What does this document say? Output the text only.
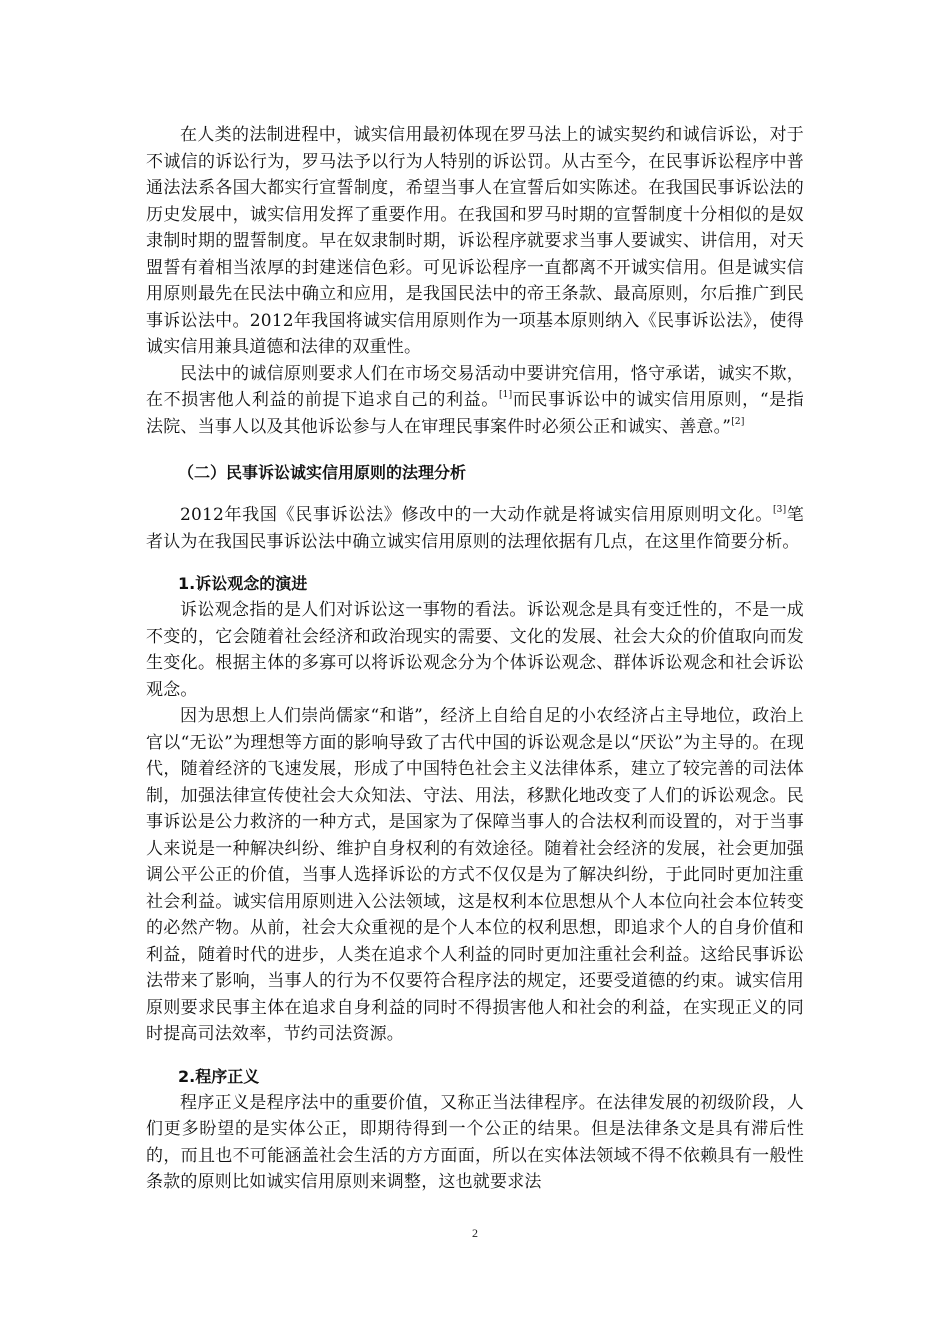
在人类的法制进程中，诚实信用最初体现在罗马法上的诚实契约和诚信诉讼，对于不诚信的诉讼行为，罗马法予以行为人特别的诉讼罚。从古至今，在民事诉讼程序中普通法法系各国大都实行宣誓制度，希望当事人在宣誓后如实陈述。在我国民事诉讼法的历史发展中，诚实信用发挥了重要作用。在我国和罗马时期的宣誓制度十分相似的是奴隶制时期的盟誓制度。早在奴隶制时期，诉讼程序就要求当事人要诚实、讲信用，对天盟誓有着相当浓厚的封建迷信色彩。可见诉讼程序一直都离不开诚实信用。但是诚实信用原则最先在民法中确立和应用，是我国民法中的帝王条款、最高原则，尔后推广到民事诉讼法中。2012年我国将诚实信用原则作为一项基本原则纳入《民事诉讼法》，使得诚实信用兼具道德和法律的双重性。

民法中的诚信原则要求人们在市场交易活动中要讲究信用，恪守承诺，诚实不欺，在不损害他人利益的前提下追求自己的利益。[1]而民事诉讼中的诚实信用原则，“是指法院、当事人以及其他诉讼参与人在审理民事案件时必须公正和诚实、善意。”[2]

（二）民事诉讼诚实信用原则的法理分析

2012年我国《民事诉讼法》修改中的一大动作就是将诚实信用原则明文化。[3]笔者认为在我国民事诉讼法中确立诚实信用原则的法理依据有几点，在这里作简要分析。

1.诉讼观念的演进

诉讼观念指的是人们对诉讼这一事物的看法。诉讼观念是具有变迁性的，不是一成不变的，它会随着社会经济和政治现实的需要、文化的发展、社会大众的价值取向而发生变化。根据主体的多寡可以将诉讼观念分为个体诉讼观念、群体诉讼观念和社会诉讼观念。

因为思想上人们崇尚儒家“和谐”，经济上自给自足的小农经济占主导地位，政治上官以“无讼”为理想等方面的影响导致了古代中国的诉讼观念是以“厌讼”为主导的。在现代，随着经济的飞速发展，形成了中国特色社会主义法律体系，建立了较完善的司法体制，加强法律宣传使社会大众知法、守法、用法，移默化地改变了人们的诉讼观念。民事诉讼是公力救济的一种方式，是国家为了保障当事人的合法权利而设置的，对于当事人来说是一种解决纠纷、维护自身权利的有效途径。随着社会经济的发展，社会更加强调公平公正的价值，当事人选择诉讼的方式不仅仅是为了解决纠纷，于此同时更加注重社会利益。诚实信用原则进入公法领域，这是权利本位思想从个人本位向社会本位转变的必然产物。从前，社会大众重视的是个人本位的权利思想，即追求个人的自身价值和利益，随着时代的进步，人类在追求个人利益的同时更加注重社会利益。这给民事诉讼法带来了影响，当事人的行为不仅要符合程序法的规定，还要受道德的约束。诚实信用原则要求民事主体在追求自身利益的同时不得损害他人和社会的利益，在实现正义的同时提高司法效率，节约司法资源。

2.程序正义

程序正义是程序法中的重要价值，又称正当法律程序。在法律发展的初级阶段，人们更多盼望的是实体公正，即期待得到一个公正的结果。但是法律条文是具有滞后性的，而且也不可能涵盖社会生活的方方面面，所以在实体法领域不得不依赖具有一般性条款的原则比如诚实信用原则来调整，这也就要求法

2
